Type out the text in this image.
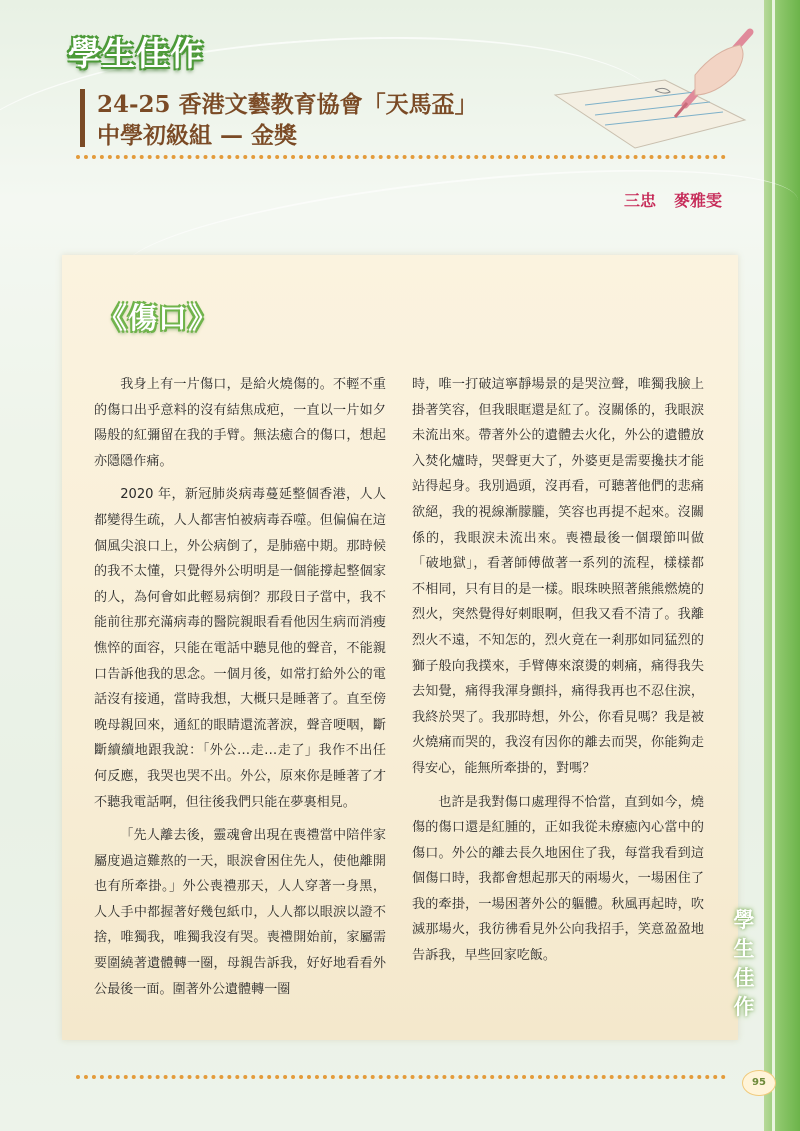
學生佳作
24-25 香港文藝教育協會「天馬盃」
中學初級組 — 金獎
三忠 麥雅雯
《傷口》

我身上有一片傷口，是給火燒傷的。不輕不重的傷口出乎意料的沒有結焦成疤，一直以一片如夕陽般的紅彌留在我的手臂。無法癒合的傷口，想起亦隱隱作痛。

2020 年，新冠肺炎病毒蔓延整個香港，人人都變得生疏，人人都害怕被病毒吞噬。但偏偏在這個風尖浪口上，外公病倒了，是肺癌中期。那時候的我不太懂，只覺得外公明明是一個能撐起整個家的人，為何會如此輕易病倒？那段日子當中，我不能前往那充滿病毒的醫院親眼看看他因生病而消瘦憔悴的面容，只能在電話中聽見他的聲音，不能親口告訴他我的思念。一個月後，如常打給外公的電話沒有接通，當時我想，大概只是睡著了。直至傍晚母親回來，通紅的眼睛還流著淚，聲音哽咽，斷斷續續地跟我說：「外公…走…走了」我作不出任何反應，我哭也哭不出。外公，原來你是睡著了才不聽我電話啊，但往後我們只能在夢裏相見。

「先人離去後，靈魂會出現在喪禮當中陪伴家屬度過這難熬的一天，眼淚會困住先人，使他離開也有所牽掛。」外公喪禮那天，人人穿著一身黑，人人手中都握著好幾包紙巾，人人都以眼淚以證不捨，唯獨我，唯獨我沒有哭。喪禮開始前，家屬需要圍繞著遺體轉一圈，母親告訴我，好好地看看外公最後一面。圍著外公遺體轉一圈

時，唯一打破這寧靜場景的是哭泣聲，唯獨我臉上掛著笑容，但我眼眶還是紅了。沒關係的，我眼淚未流出來。帶著外公的遺體去火化，外公的遺體放入焚化爐時，哭聲更大了，外婆更是需要攙扶才能站得起身。我別過頭，沒再看，可聽著他們的悲痛欲絕，我的視線漸朦朧，笑容也再提不起來。沒關係的，我眼淚未流出來。喪禮最後一個環節叫做「破地獄」，看著師傅做著一系列的流程，樣樣都不相同，只有目的是一樣。眼珠映照著熊熊燃燒的烈火，突然覺得好刺眼啊，但我又看不清了。我離烈火不遠，不知怎的，烈火竟在一剎那如同猛烈的獅子般向我撲來，手臂傳來滾燙的刺痛，痛得我失去知覺，痛得我渾身顫抖，痛得我再也不忍住淚，我終於哭了。我那時想，外公，你看見嗎？我是被火燒痛而哭的，我沒有因你的離去而哭，你能夠走得安心，能無所牽掛的，對嗎？

也許是我對傷口處理得不恰當，直到如今，燒傷的傷口還是紅腫的，正如我從未療癒內心當中的傷口。外公的離去長久地困住了我，每當我看到這個傷口時，我都會想起那天的兩場火，一場困住了我的牽掛，一場困著外公的軀體。秋風再起時，吹滅那場火，我彷彿看見外公向我招手，笑意盈盈地告訴我，早些回家吃飯。

學
生
佳
作
95
